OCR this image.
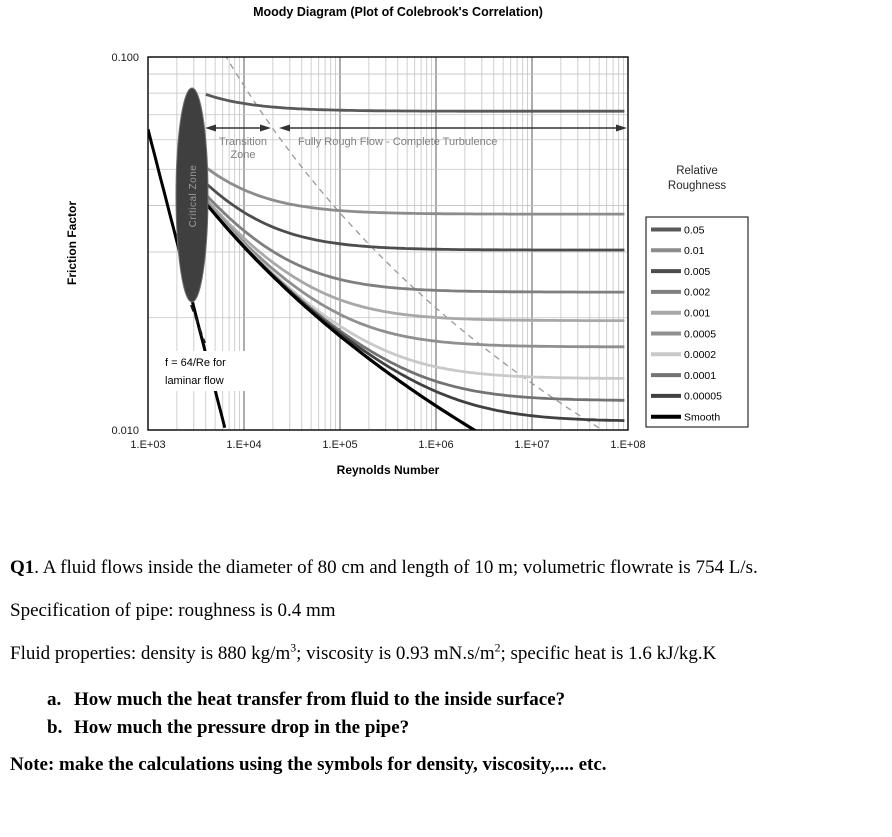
Moody Diagram (Plot of Colebrook's Correlation)
Critical Zone
Transition
Zone
Fully Rough Flow - Complete Turbulence
f = 64/Re for
laminar flow
0.100
0.010
1.E+03	1.E+04	1.E+05	1.E+06	1.E+07	1.E+08
Friction Factor
Reynolds Number
Relative
Roughness
0.05
0.01
0.005
0.002
0.001
0.0005
0.0002
0.0001
0.00005
Smooth

Q1. A fluid flows inside the diameter of 80 cm and length of 10 m; volumetric flowrate is 754 L/s.

Specification of pipe: roughness is 0.4 mm

Fluid properties: density is 880 $kg/m^3$; viscosity is 0.93 $mN.s/m^2$; specific heat is 1.6 kJ/kg.K

a. How much the heat transfer from fluid to the inside surface?

b. How much the pressure drop in the pipe?

Note: make the calculations using the symbols for density, viscosity,.... etc.
